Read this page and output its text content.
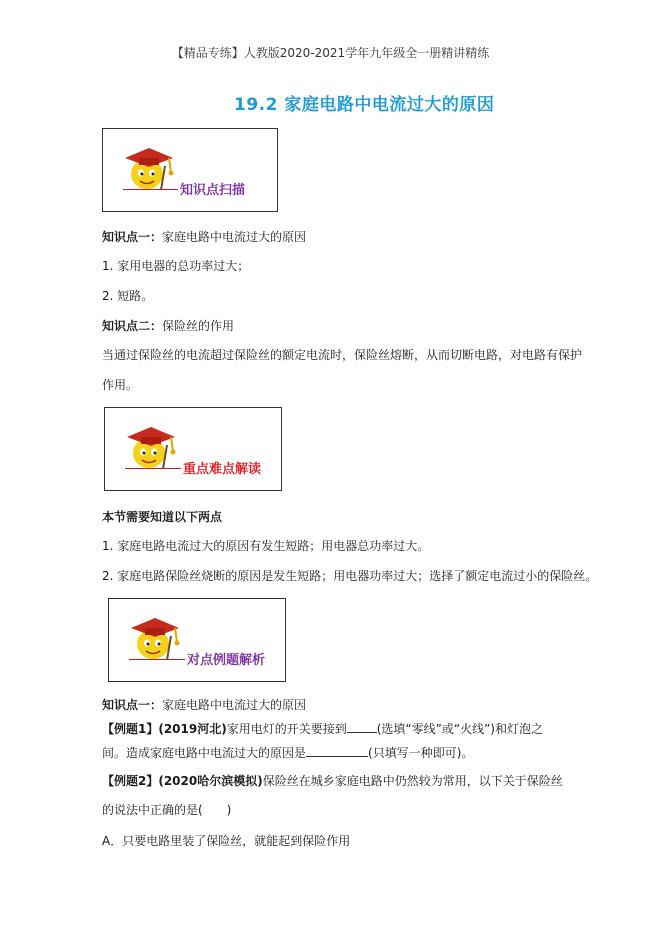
【精品专练】人教版2020-2021学年九年级全一册精讲精练
19.2 家庭电路中电流过大的原因
知识点扫描
知识点一：家庭电路中电流过大的原因
1. 家用电器的总功率过大；
2. 短路。
知识点二：保险丝的作用
当通过保险丝的电流超过保险丝的额定电流时，保险丝熔断，从而切断电路，对电路有保护
作用。
重点难点解读
本节需要知道以下两点
1. 家庭电路电流过大的原因有发生短路；用电器总功率过大。
2. 家庭电路保险丝烧断的原因是发生短路；用电器功率过大；选择了额定电流过小的保险丝。
对点例题解析
知识点一：家庭电路中电流过大的原因
【例题1】(2019河北)家用电灯的开关要接到	(选填“零线”或“火线”)和灯泡之
间。造成家庭电路中电流过大的原因是	(只填写一种即可)。
【例题2】(2020哈尔滨模拟)保险丝在城乡家庭电路中仍然较为常用，以下关于保险丝
的说法中正确的是(　　)
A．只要电路里装了保险丝，就能起到保险作用
